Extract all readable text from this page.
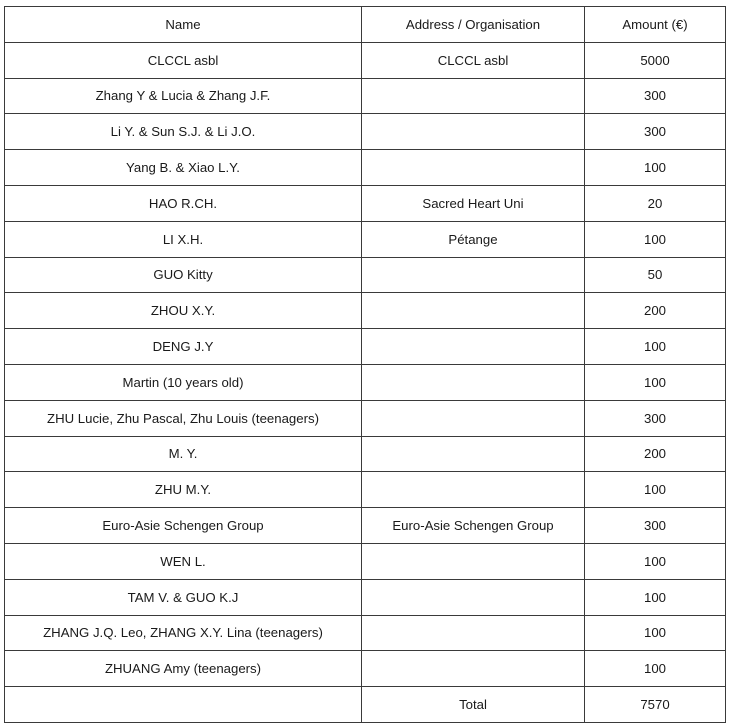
Name	Address / Organisation	Amount (€)
CLCCL asbl	CLCCL asbl	5000
Zhang Y & Lucia & Zhang J.F.		300
Li Y. & Sun S.J. & Li J.O.		300
Yang B. & Xiao L.Y.		100
HAO R.CH.	Sacred Heart Uni	20
LI X.H.	Pétange	100
GUO Kitty		50
ZHOU X.Y.		200
DENG J.Y		100
Martin (10 years old)		100
ZHU Lucie, Zhu Pascal, Zhu Louis (teenagers)		300
M. Y.		200
ZHU M.Y.		100
Euro-Asie Schengen Group	Euro-Asie Schengen Group	300
WEN L.		100
TAM V. & GUO K.J		100
ZHANG J.Q. Leo, ZHANG X.Y. Lina (teenagers)		100
ZHUANG Amy (teenagers)		100
	Total	7570
